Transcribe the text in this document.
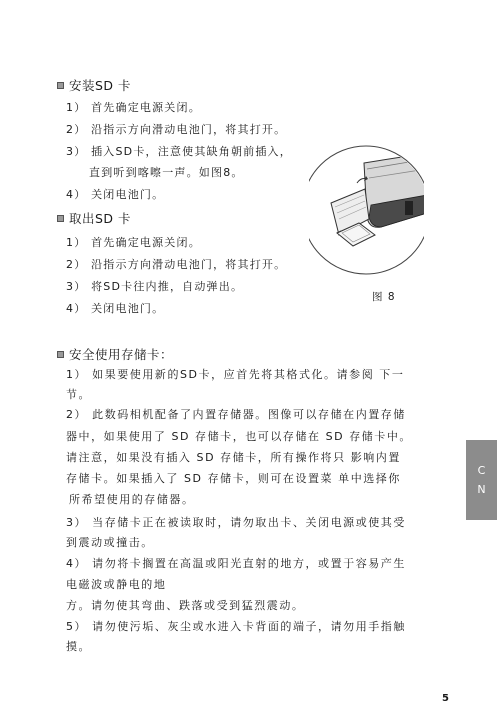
安装SD 卡
1） 首先确定电源关闭。
2） 沿指示方向滑动电池门，将其打开。
3） 插入SD卡，注意使其缺角朝前插入，
直到听到喀嚓一声。如图8。
4） 关闭电池门。
取出SD 卡
1） 首先确定电源关闭。
2） 沿指示方向滑动电池门，将其打开。
3） 将SD卡往内推，自动弹出。
4） 关闭电池门。
图 8
安全使用存储卡：
1） 如果要使用新的SD卡，应首先将其格式化。请参阅 下一
节。
2） 此数码相机配备了内置存储器。图像可以存储在内置存储
器中，如果使用了 SD 存储卡，也可以存储在 SD 存储卡中。
请注意，如果没有插入 SD 存储卡，所有操作将只 影响内置
存储卡。如果插入了 SD 存储卡，则可在设置菜 单中选择你
所希望使用的存储器。
3） 当存储卡正在被读取时，请勿取出卡、关闭电源或使其受
到震动或撞击。
4） 请勿将卡搁置在高温或阳光直射的地方，或置于容易产生
电磁波或静电的地
方。请勿使其弯曲、跌落或受到猛烈震动。
5） 请勿使污垢、灰尘或水进入卡背面的端子，请勿用手指触
摸。
C
N
5
